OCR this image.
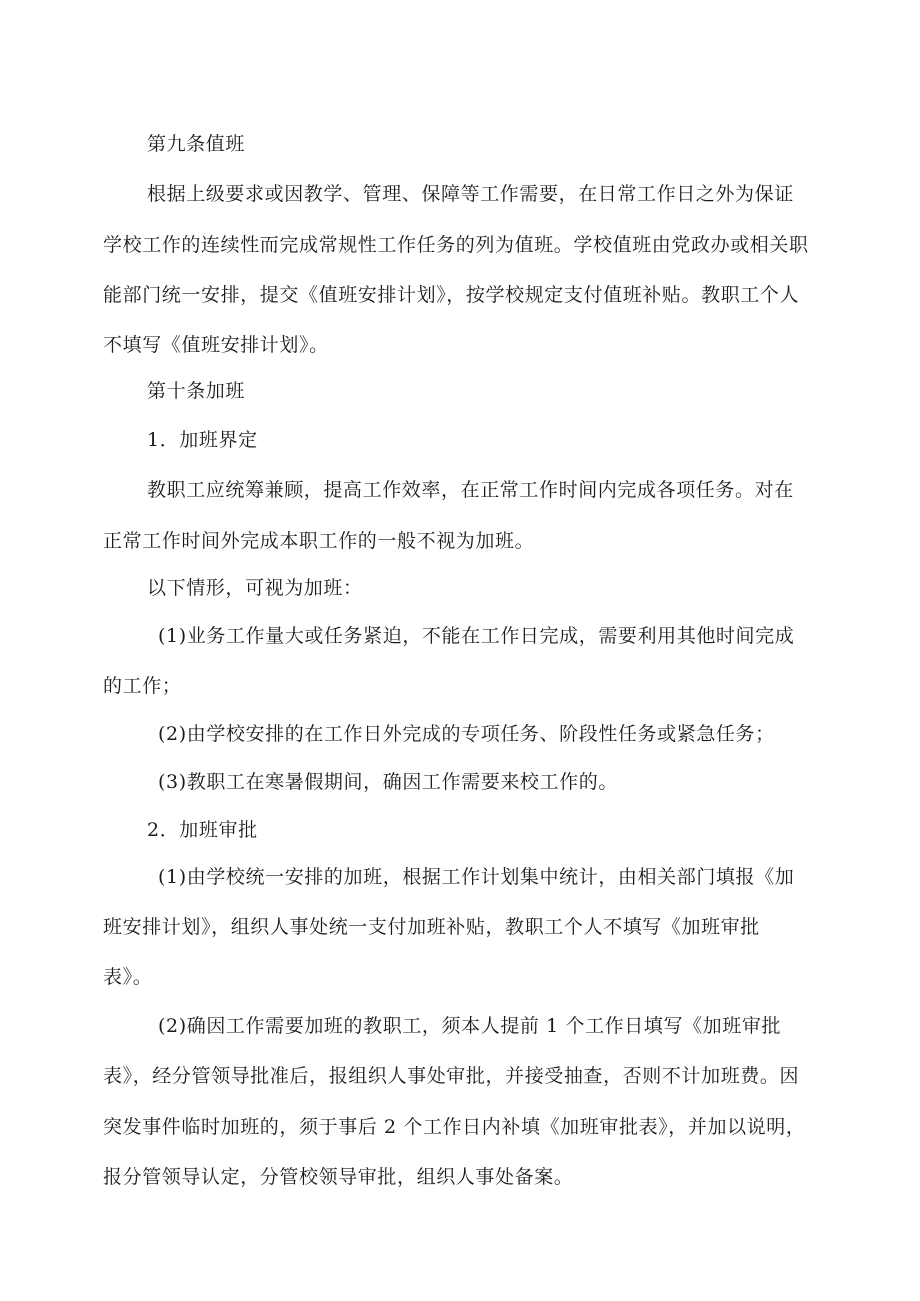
第九条值班
根据上级要求或因教学、管理、保障等工作需要，在日常工作日之外为保证
学校工作的连续性而完成常规性工作任务的列为值班。学校值班由党政办或相关职
能部门统一安排，提交《值班安排计划》，按学校规定支付值班补贴。教职工个人
不填写《值班安排计划》。
第十条加班
1．加班界定
教职工应统筹兼顾，提高工作效率，在正常工作时间内完成各项任务。对在
正常工作时间外完成本职工作的一般不视为加班。
以下情形，可视为加班：
(1)业务工作量大或任务紧迫，不能在工作日完成，需要利用其他时间完成
的工作；
(2)由学校安排的在工作日外完成的专项任务、阶段性任务或紧急任务；
(3)教职工在寒暑假期间，确因工作需要来校工作的。
2．加班审批
(1)由学校统一安排的加班，根据工作计划集中统计，由相关部门填报《加
班安排计划》，组织人事处统一支付加班补贴，教职工个人不填写《加班审批
表》。
(2)确因工作需要加班的教职工，须本人提前 1 个工作日填写《加班审批
表》，经分管领导批准后，报组织人事处审批，并接受抽查，否则不计加班费。因
突发事件临时加班的，须于事后 2 个工作日内补填《加班审批表》，并加以说明，
报分管领导认定，分管校领导审批，组织人事处备案。
